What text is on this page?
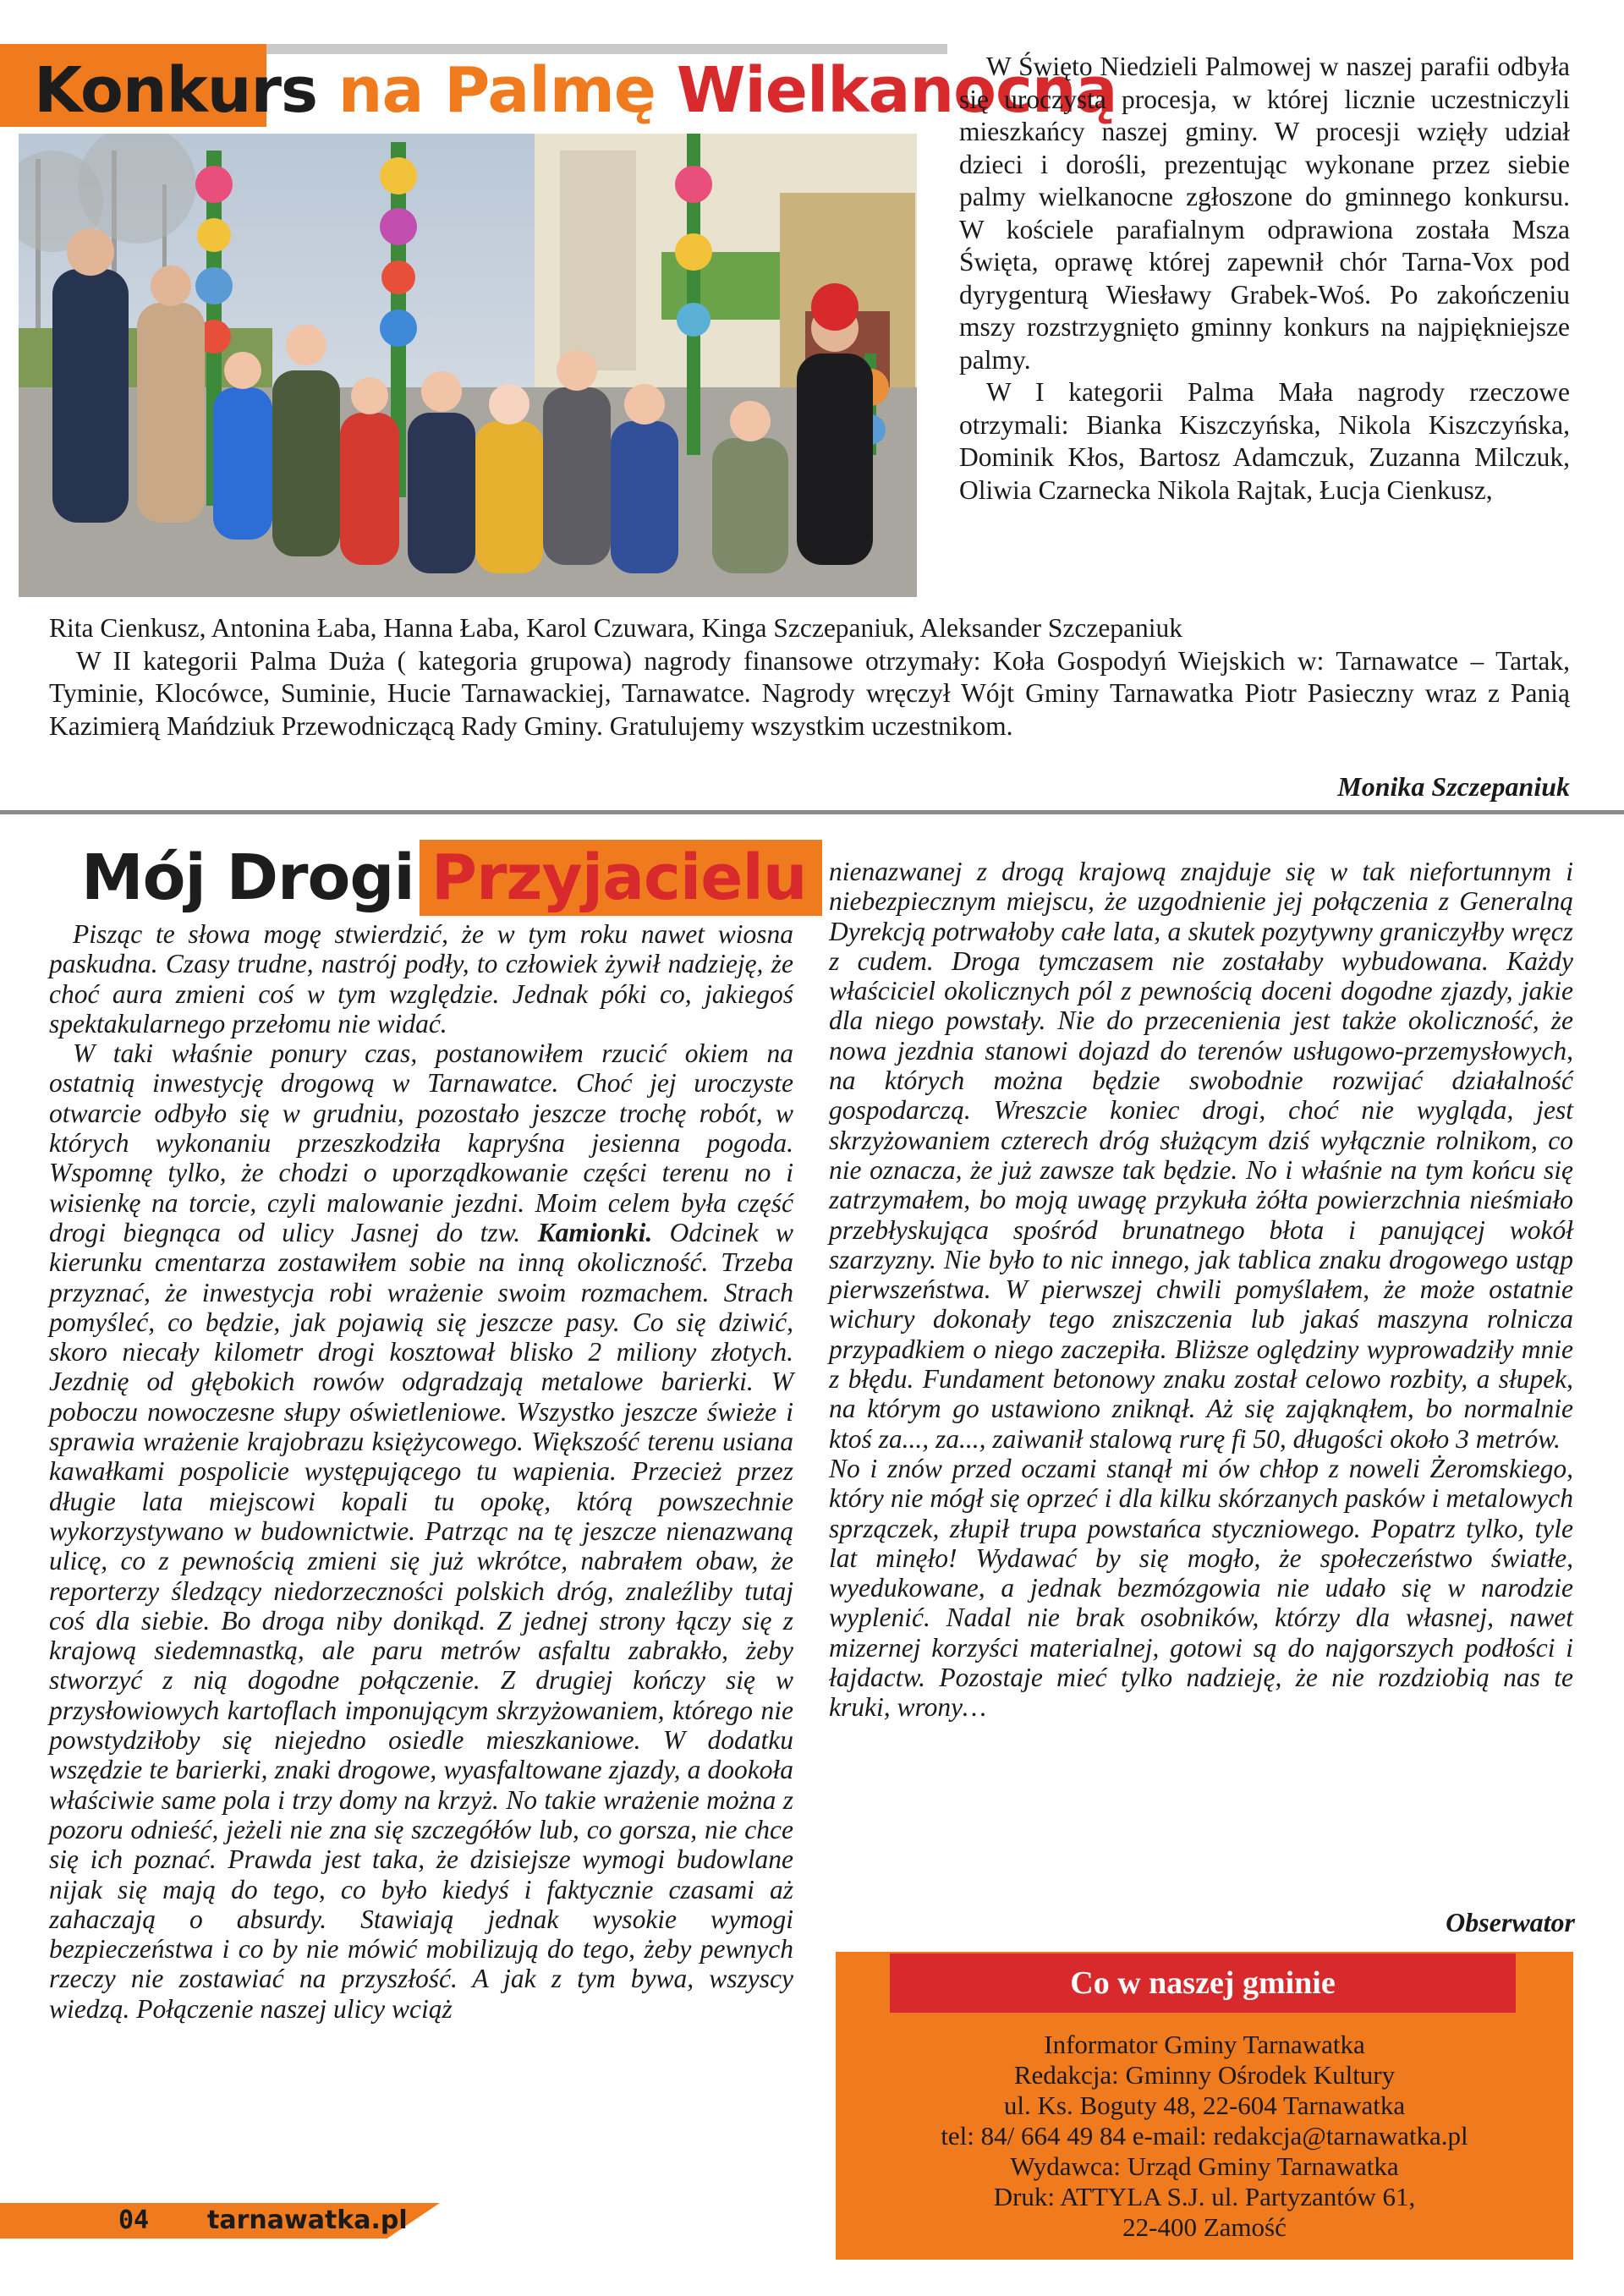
Konkurs na Palmę Wielkanocną

W Święto Niedzieli Palmowej w naszej parafii odbyła się uroczysta procesja, w której licznie uczestniczyli mieszkańcy naszej gminy. W procesji wzięły udział dzieci i dorośli, prezentując wykonane przez siebie palmy wielkanocne zgłoszone do gminnego konkursu. W kościele parafialnym odprawiona została Msza Święta, oprawę której zapewnił chór Tarna-Vox pod dyrygenturą Wiesławy Grabek-Woś. Po zakończeniu mszy rozstrzygnięto gminny konkurs na najpiękniejsze palmy.

W I kategorii Palma Mała nagrody rzeczowe otrzymali: Bianka Kiszczyńska, Nikola Kiszczyńska, Dominik Kłos, Bartosz Adamczuk, Zuzanna Milczuk, Oliwia Czarnecka Nikola Rajtak, Łucja Cienkusz,

Rita Cienkusz, Antonina Łaba, Hanna Łaba, Karol Czuwara, Kinga Szczepaniuk, Aleksander Szczepaniuk

W II kategorii Palma Duża ( kategoria grupowa) nagrody finansowe otrzymały: Koła Gospodyń Wiejskich w: Tarnawatce – Tartak, Tyminie, Klocówce, Suminie, Hucie Tarnawackiej, Tarnawatce. Nagrody wręczył Wójt Gminy Tarnawatka Piotr Pasieczny wraz z Panią Kazimierą Mańdziuk Przewodniczącą Rady Gminy. Gratulujemy wszystkim uczestnikom.

Monika Szczepaniuk
Mój Drogi Przyjacielu

Pisząc te słowa mogę stwierdzić, że w tym roku nawet wiosna paskudna. Czasy trudne, nastrój podły, to człowiek żywił nadzieję, że choć aura zmieni coś w tym względzie. Jednak póki co, jakiegoś spektakularnego przełomu nie widać.

W taki właśnie ponury czas, postanowiłem rzucić okiem na ostatnią inwestycję drogową w Tarnawatce. Choć jej uroczyste otwarcie odbyło się w grudniu, pozostało jeszcze trochę robót, w których wykonaniu przeszkodziła kapryśna jesienna pogoda. Wspomnę tylko, że chodzi o uporządkowanie części terenu no i wisienkę na torcie, czyli malowanie jezdni. Moim celem była część drogi biegnąca od ulicy Jasnej do tzw. Kamionki. Odcinek w kierunku cmentarza zostawiłem sobie na inną okoliczność. Trzeba przyznać, że inwestycja robi wrażenie swoim rozmachem. Strach pomyśleć, co będzie, jak pojawią się jeszcze pasy. Co się dziwić, skoro niecały kilometr drogi kosztował blisko 2 miliony złotych. Jezdnię od głębokich rowów odgradzają metalowe barierki. W poboczu nowoczesne słupy oświetleniowe. Wszystko jeszcze świeże i sprawia wrażenie krajobrazu księżycowego. Większość terenu usiana kawałkami pospolicie występującego tu wapienia. Przecież przez długie lata miejscowi kopali tu opokę, którą powszechnie wykorzystywano w budownictwie. Patrząc na tę jeszcze nienazwaną ulicę, co z pewnością zmieni się już wkrótce, nabrałem obaw, że reporterzy śledzący niedorzeczności polskich dróg, znaleźliby tutaj coś dla siebie. Bo droga niby donikąd. Z jednej strony łączy się z krajową siedemnastką, ale paru metrów asfaltu zabrakło, żeby stworzyć z nią dogodne połączenie. Z drugiej kończy się w przysłowiowych kartoflach imponującym skrzyżowaniem, którego nie powstydziłoby się niejedno osiedle mieszkaniowe. W dodatku wszędzie te barierki, znaki drogowe, wyasfaltowane zjazdy, a dookoła właściwie same pola i trzy domy na krzyż. No takie wrażenie można z pozoru odnieść, jeżeli nie zna się szczegółów lub, co gorsza, nie chce się ich poznać. Prawda jest taka, że dzisiejsze wymogi budowlane nijak się mają do tego, co było kiedyś i faktycznie czasami aż zahaczają o absurdy. Stawiają jednak wysokie wymogi bezpieczeństwa i co by nie mówić mobilizują do tego, żeby pewnych rzeczy nie zostawiać na przyszłość. A jak z tym bywa, wszyscy wiedzą. Połączenie naszej ulicy wciąż

nienazwanej z drogą krajową znajduje się w tak niefortunnym i niebezpiecznym miejscu, że uzgodnienie jej połączenia z Generalną Dyrekcją potrwałoby całe lata, a skutek pozytywny graniczyłby wręcz z cudem. Droga tymczasem nie zostałaby wybudowana. Każdy właściciel okolicznych pól z pewnością doceni dogodne zjazdy, jakie dla niego powstały. Nie do przecenienia jest także okoliczność, że nowa jezdnia stanowi dojazd do terenów usługowo-przemysłowych, na których można będzie swobodnie rozwijać działalność gospodarczą. Wreszcie koniec drogi, choć nie wygląda, jest skrzyżowaniem czterech dróg służącym dziś wyłącznie rolnikom, co nie oznacza, że już zawsze tak będzie. No i właśnie na tym końcu się zatrzymałem, bo moją uwagę przykuła żółta powierzchnia nieśmiało przebłyskująca spośród brunatnego błota i panującej wokół szarzyzny. Nie było to nic innego, jak tablica znaku drogowego ustąp pierwszeństwa. W pierwszej chwili pomyślałem, że może ostatnie wichury dokonały tego zniszczenia lub jakaś maszyna rolnicza przypadkiem o niego zaczepiła. Bliższe oględziny wyprowadziły mnie z błędu. Fundament betonowy znaku został celowo rozbity, a słupek, na którym go ustawiono zniknął. Aż się zająknąłem, bo normalnie ktoś za..., za..., zaiwanił stalową rurę fi 50, długości około 3 metrów.

No i znów przed oczami stanął mi ów chłop z noweli Żeromskiego, który nie mógł się oprzeć i dla kilku skórzanych pasków i metalowych sprzączek, złupił trupa powstańca styczniowego. Popatrz tylko, tyle lat minęło! Wydawać by się mogło, że społeczeństwo światłe, wyedukowane, a jednak bezmózgowia nie udało się w narodzie wyplenić. Nadal nie brak osobników, którzy dla własnej, nawet mizernej korzyści materialnej, gotowi są do najgorszych podłości i łajdactw. Pozostaje mieć tylko nadzieję, że nie rozdziobią nas te kruki, wrony…

Obserwator
Co w naszej gminie
Informator Gminy Tarnawatka
Redakcja: Gminny Ośrodek Kultury
ul. Ks. Boguty 48, 22-604 Tarnawatka
tel: 84/ 664 49 84 e-mail: redakcja@tarnawatka.pl
Wydawca: Urząd Gminy Tarnawatka
Druk: ATTYLA S.J. ul. Partyzantów 61,
22-400 Zamość
04 tarnawatka.pl
